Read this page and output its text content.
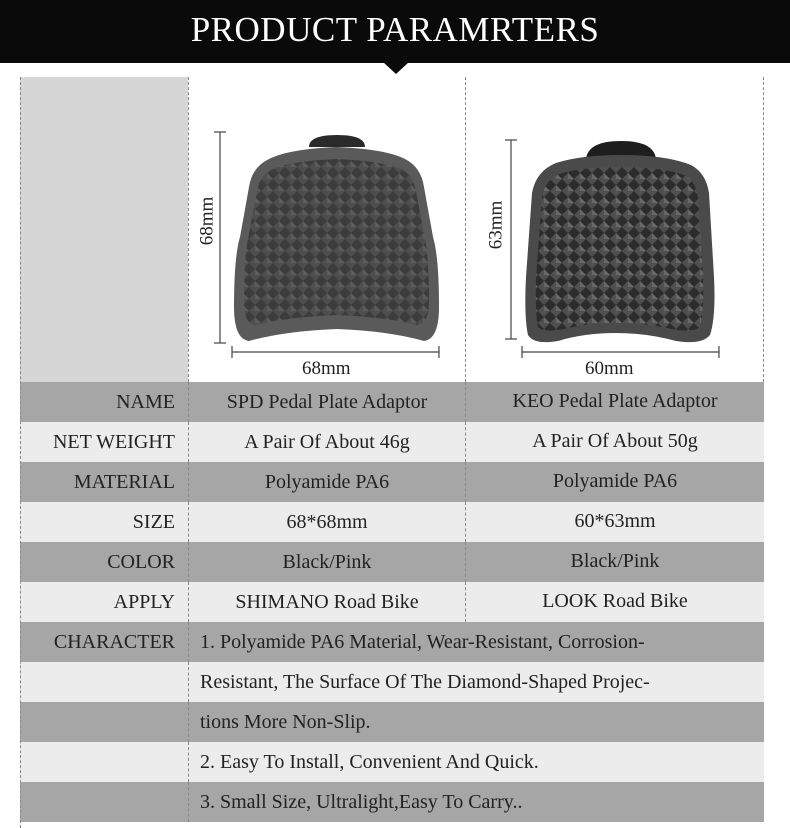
PRODUCT PARAMRTERS
68mm
68mm
63mm
60mm
NAME	SPD Pedal Plate Adaptor	KEO Pedal Plate Adaptor
NET WEIGHT	A Pair Of About 46g	A Pair Of About 50g
MATERIAL	Polyamide PA6	Polyamide PA6
SIZE	68*68mm	60*63mm
COLOR	Black/Pink	Black/Pink
APPLY	SHIMANO Road Bike	LOOK Road Bike
CHARACTER	1. Polyamide PA6 Material, Wear-Resistant, Corrosion-
Resistant, The Surface Of The Diamond-Shaped Projec-
tions More Non-Slip.
2. Easy To Install, Convenient And Quick.
3. Small Size, Ultralight,Easy To Carry..
